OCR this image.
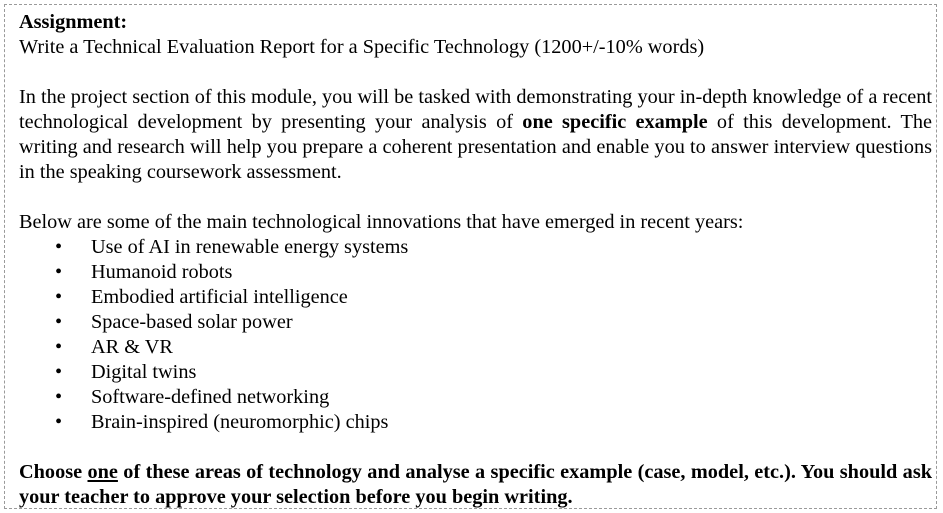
Assignment:

Write a Technical Evaluation Report for a Specific Technology (1200+/-10% words)

In the project section of this module, you will be tasked with demonstrating your in-depth knowledge of a recent technological development by presenting your analysis of one specific example of this development. The writing and research will help you prepare a coherent presentation and enable you to answer interview questions in the speaking coursework assessment.

Below are some of the main technological innovations that have emerged in recent years:

• Use of AI in renewable energy systems
• Humanoid robots
• Embodied artificial intelligence
• Space-based solar power
• AR & VR
• Digital twins
• Software-defined networking
• Brain-inspired (neuromorphic) chips

Choose one of these areas of technology and analyse a specific example (case, model, etc.). You should ask your teacher to approve your selection before you begin writing.
